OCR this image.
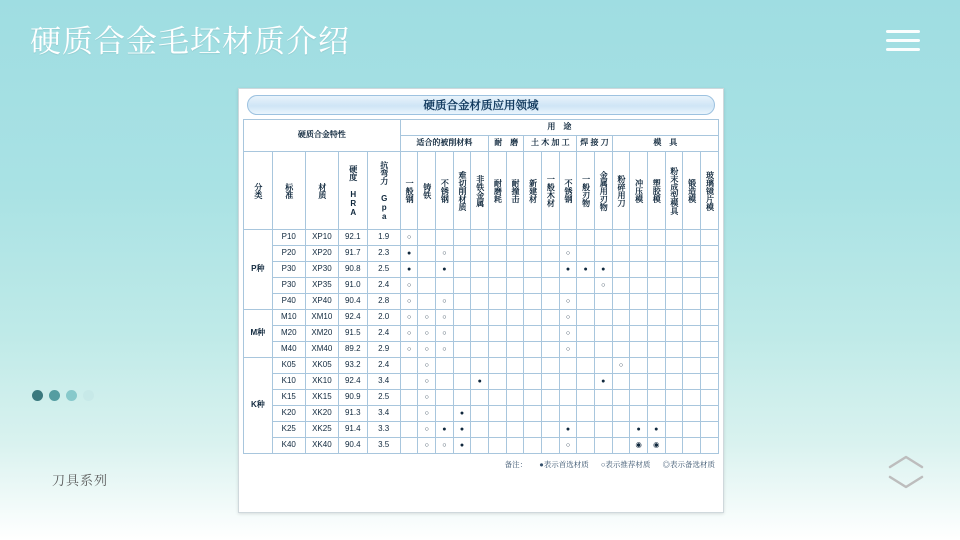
硬质合金毛坯材质介绍
刀具系列
硬质合金材质应用领域
硬质合金特性					用　途																	
					适合的被削材料					耐　磨		土 木 加 工			焊 接 刀		模　具					

分类	标准	材质	硬度 HRA	抗弯力 Gpa	一般钢	铸铁	不锈钢	难切削材质	非铁金属	耐磨耗	耐撞击	新建材	一般木材	不锈钢	一般刃物	金属用刃物	粉碎用刀	冲压模	塑胶模	粉末成型模具	锻造模	玻璃镜片模

P种	P10	XP10	92.1	1.9	○																	
	P20	XP20	91.7	2.3	●		○							○								
	P30	XP30	90.8	2.5	●		●							●	●	●						
	P30	XP35	91.0	2.4	○											○						
	P40	XP40	90.4	2.8	○		○							○								
M种	M10	XM10	92.4	2.0	○	○	○							○								
	M20	XM20	91.5	2.4	○	○	○							○								
	M40	XM40	89.2	2.9	○	○	○							○								
K种	K05	XK05	93.2	2.4		○											○					
	K10	XK10	92.4	3.4		○			●							●						
	K15	XK15	90.9	2.5		○																
	K20	XK20	91.3	3.4		○		●														
	K25	XK25	91.4	3.3		○	●	●						●				●	●			
	K40	XK40	90.4	3.5		○	○	●						○				◉	◉			
备注： ●表示首选材质 ○表示推荐材质 ◎表示备选材质
